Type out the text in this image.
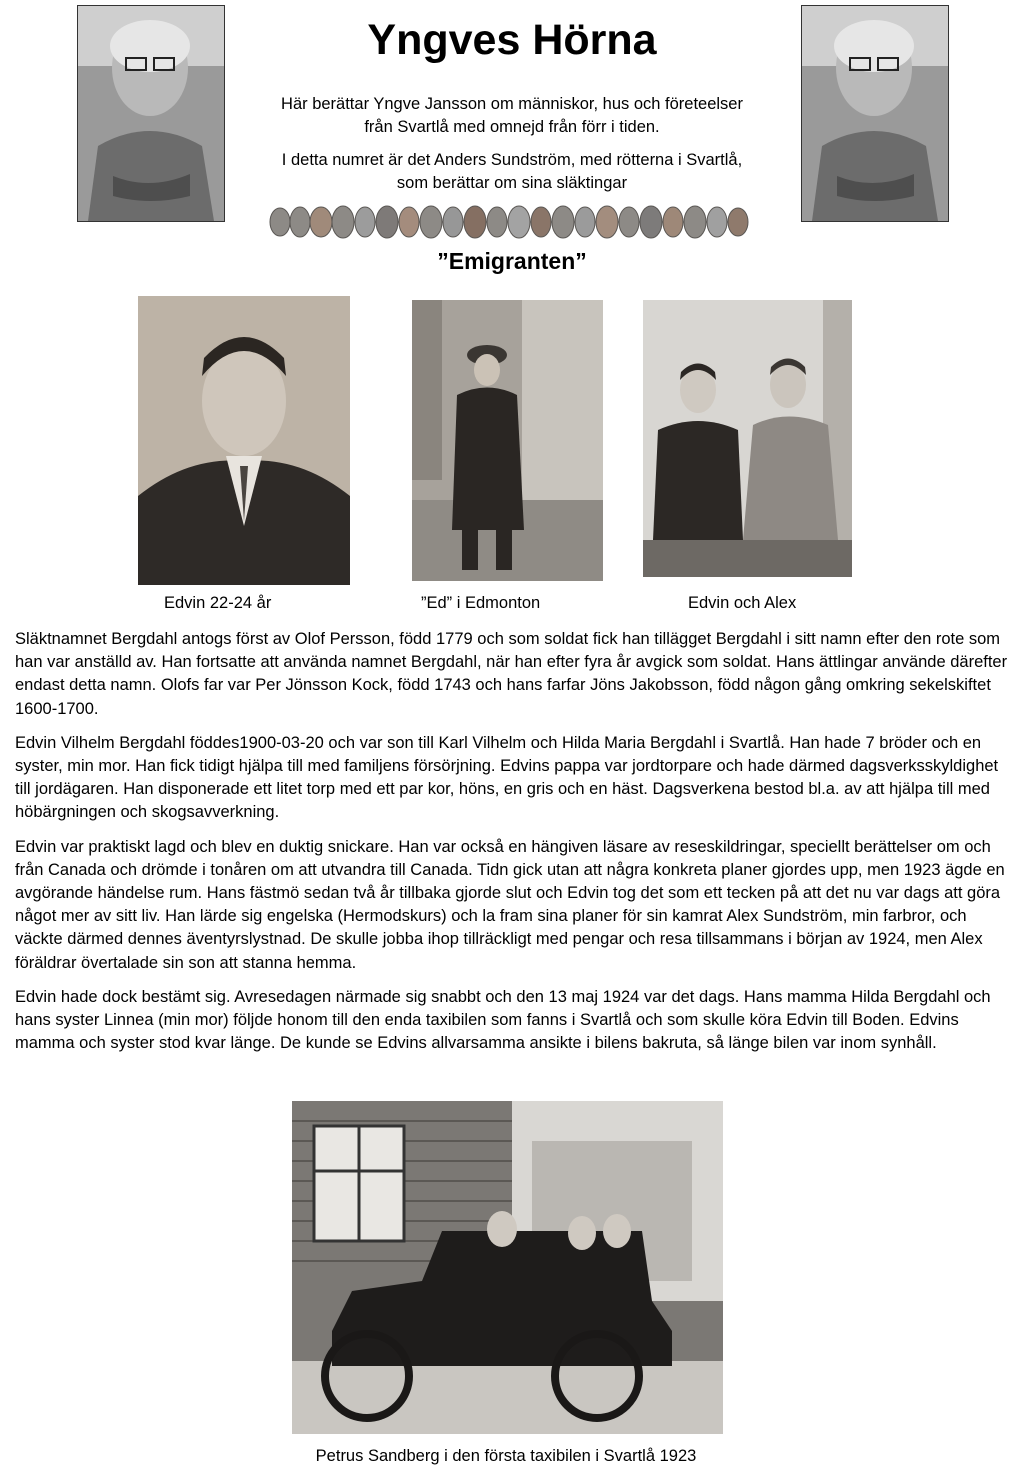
Yngves Hörna
Här berättar Yngve Jansson om människor, hus och företeelser från Svartlå med omnejd från förr i tiden.
I detta numret är det Anders Sundström, med rötterna i Svartlå, som berättar om sina släktingar
”Emigranten”
Edvin 22-24 år	”Ed” i Edmonton	Edvin och Alex

Släktnamnet Bergdahl antogs först av Olof Persson, född 1779 och som soldat fick han tillägget Bergdahl i sitt namn efter den rote som han var anställd av. Han fortsatte att använda namnet Bergdahl, när han efter fyra år avgick som soldat. Hans ättlingar använde därefter endast detta namn. Olofs far var Per Jönsson Kock, född 1743 och hans farfar Jöns Jakobsson, född någon gång omkring sekelskiftet 1600-1700.

Edvin Vilhelm Bergdahl föddes1900-03-20 och var son till Karl Vilhelm och Hilda Maria Bergdahl i Svartlå. Han hade 7 bröder och en syster, min mor. Han fick tidigt hjälpa till med familjens försörjning. Edvins pappa var jordtorpare och hade därmed dagsverksskyldighet till jordägaren. Han disponerade ett litet torp med ett par kor, höns, en gris och en häst. Dagsverkena bestod bl.a. av att hjälpa till med höbärgningen och skogsavverkning.

Edvin var praktiskt lagd och blev en duktig snickare. Han var också en hängiven läsare av reseskildringar, speciellt berättelser om och från Canada och drömde i tonåren om att utvandra till Canada. Tidn gick utan att några konkreta planer gjordes upp, men 1923 ägde en avgörande händelse rum. Hans fästmö sedan två år tillbaka gjorde slut och Edvin tog det som ett tecken på att det nu var dags att göra något mer av sitt liv. Han lärde sig engelska (Hermodskurs) och la fram sina planer för sin kamrat Alex Sundström, min farbror, och väckte därmed dennes äventyrslystnad. De skulle jobba ihop tillräckligt med pengar och resa tillsammans i början av 1924, men Alex föräldrar övertalade sin son att stanna hemma.

Edvin hade dock bestämt sig. Avresedagen närmade sig snabbt och den 13 maj 1924 var det dags. Hans mamma Hilda Bergdahl och hans syster Linnea (min mor) följde honom till den enda taxibilen som fanns i Svartlå och som skulle köra Edvin till Boden. Edvins mamma och syster stod kvar länge. De kunde se Edvins allvarsamma ansikte i bilens bakruta, så länge bilen var inom synhåll.

Petrus Sandberg i den första taxibilen i Svartlå 1923
